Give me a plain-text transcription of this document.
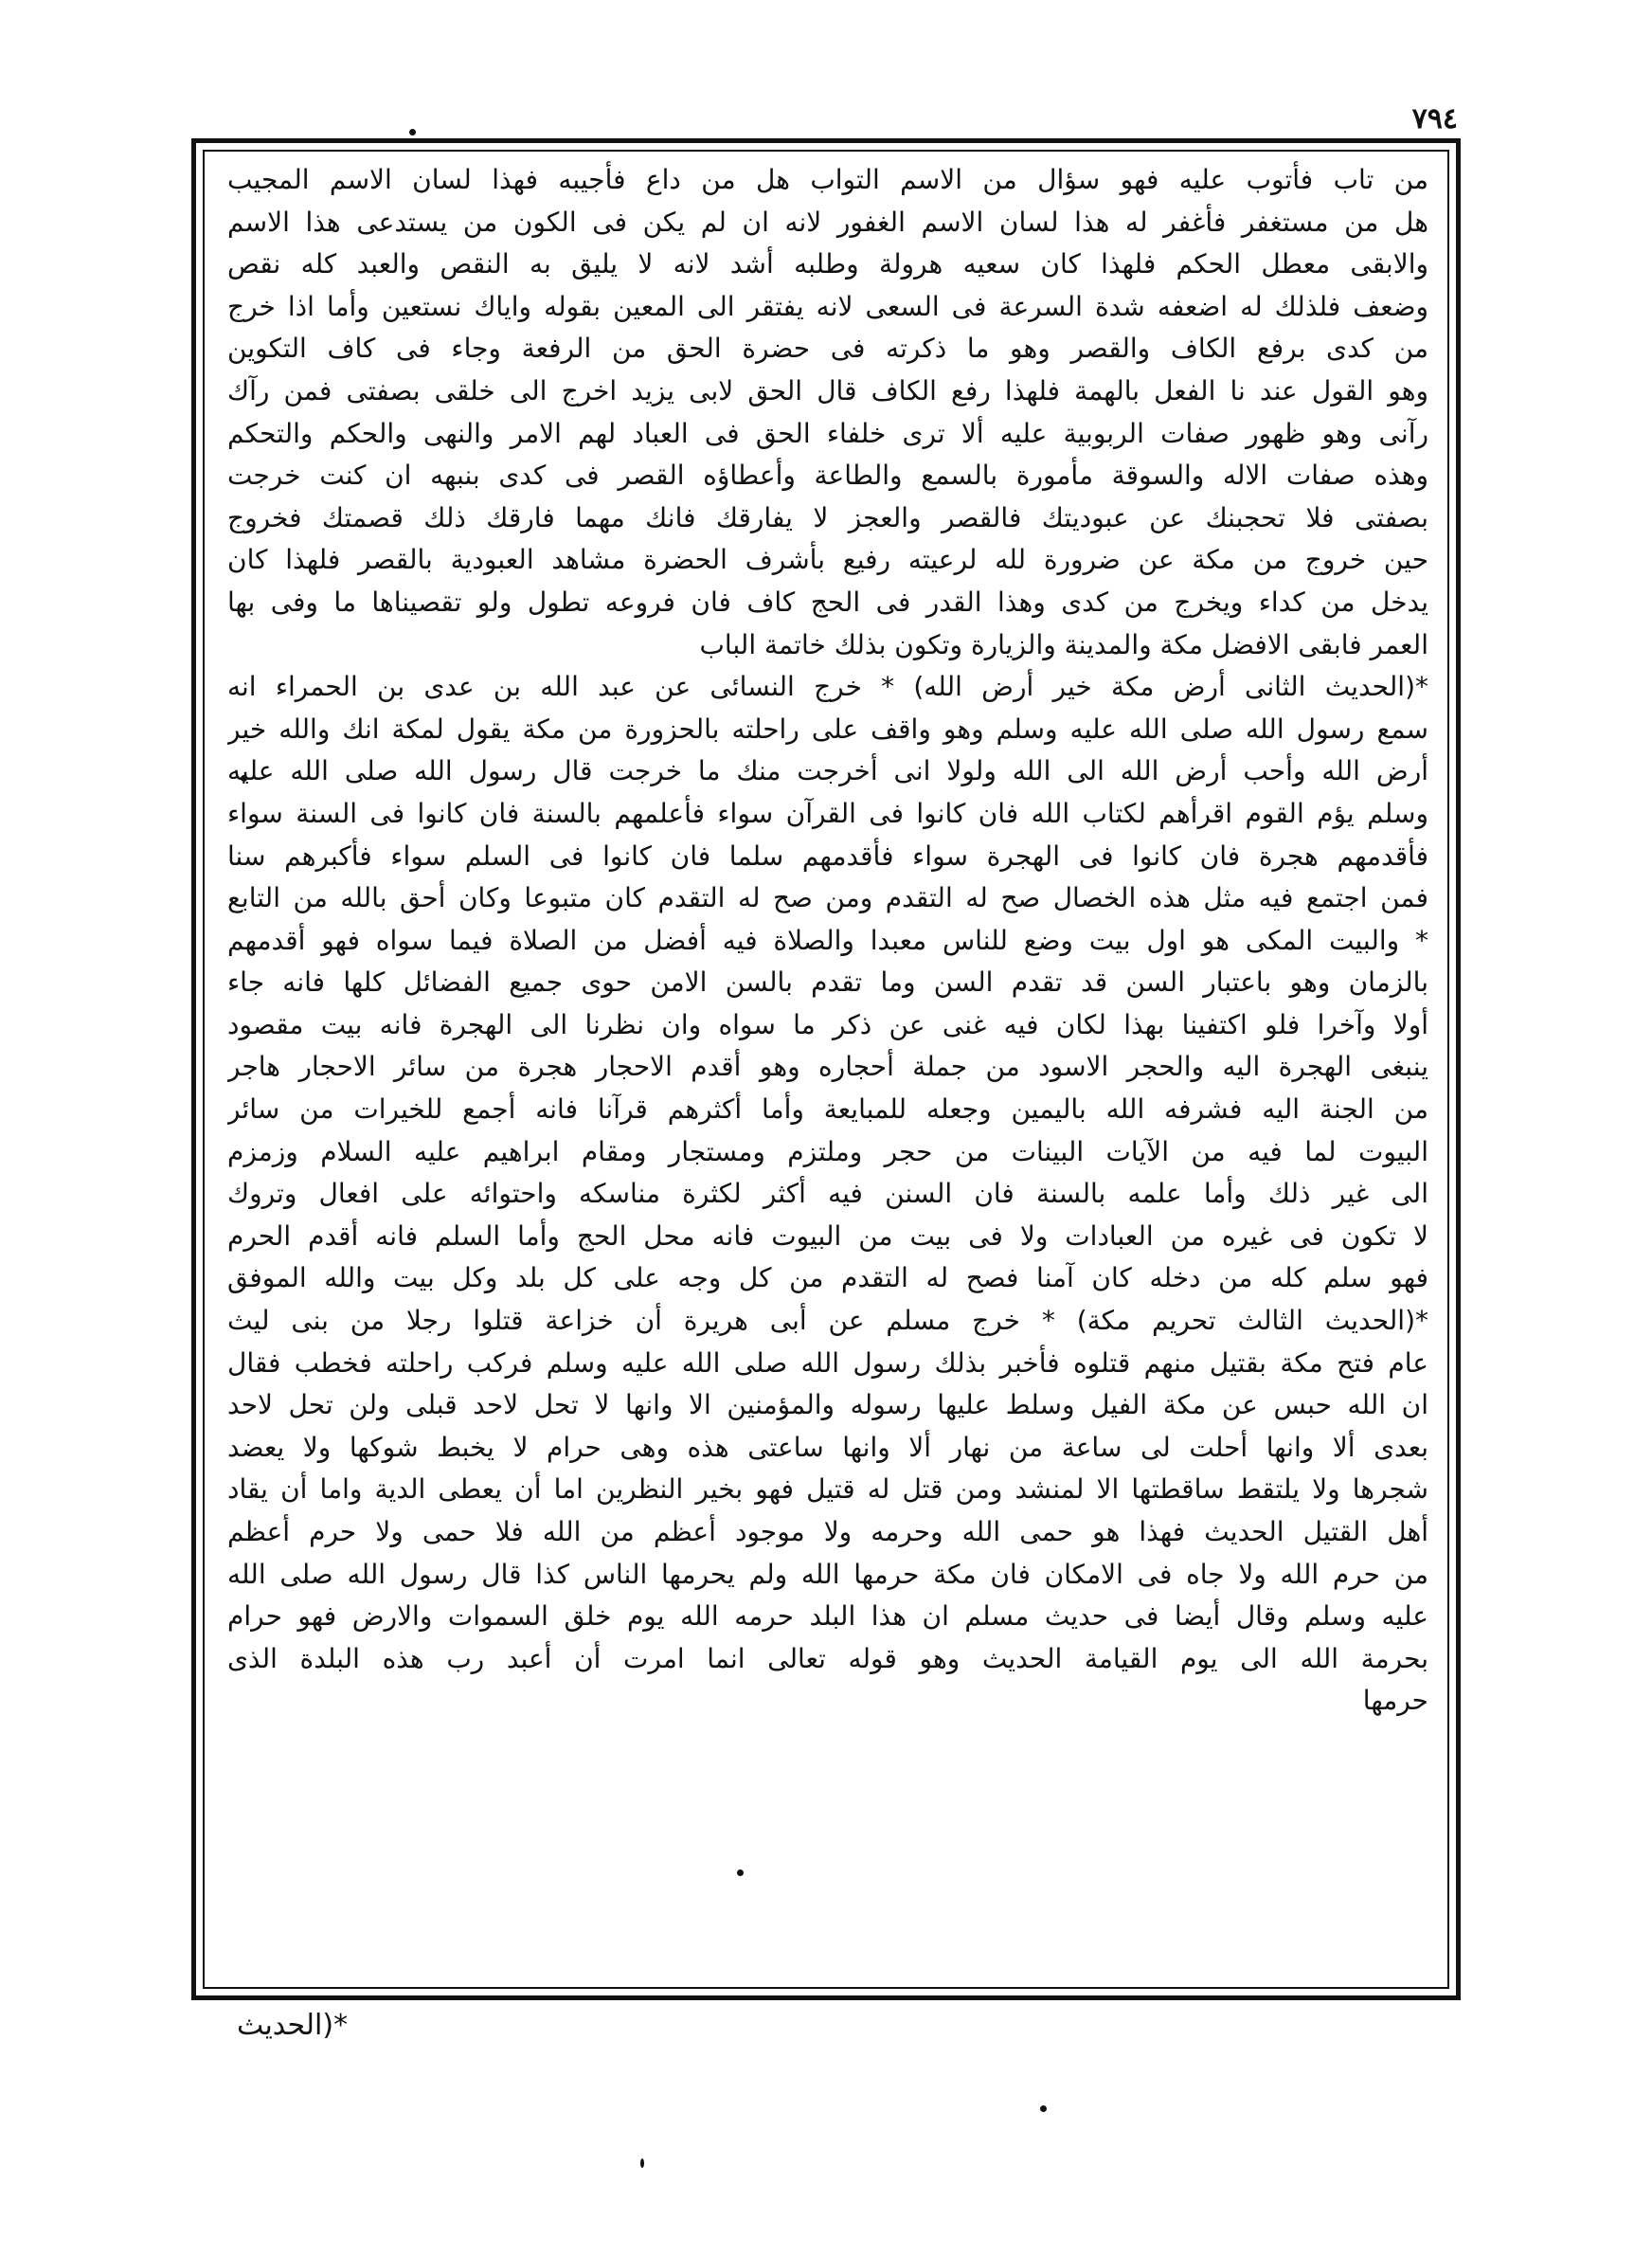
٧٩٤
من تاب فأتوب عليه فهو سؤال من الاسم التواب هل من داع فأجيبه فهذا لسان الاسم المجيب
هل من مستغفر فأغفر له هذا لسان الاسم الغفور لانه ان لم يكن فى الكون من يستدعى هذا الاسم
والابقى معطل الحكم فلهذا كان سعيه هرولة وطلبه أشد لانه لا يليق به النقص والعبد كله نقص
وضعف فلذلك له اضعفه شدة السرعة فى السعى لانه يفتقر الى المعين بقوله واياك نستعين وأما اذا خرج
من كدى برفع الكاف والقصر وهو ما ذكرته فى حضرة الحق من الرفعة وجاء فى كاف التكوين
وهو القول عند نا الفعل بالهمة فلهذا رفع الكاف قال الحق لابى يزيد اخرج الى خلقى بصفتى فمن رآك
رآنى وهو ظهور صفات الربوبية عليه ألا ترى خلفاء الحق فى العباد لهم الامر والنهى والحكم والتحكم
وهذه صفات الاله والسوقة مأمورة بالسمع والطاعة وأعطاؤه القصر فى كدى بنبهه ان كنت خرجت
بصفتى فلا تحجبنك عن عبوديتك فالقصر والعجز لا يفارقك فانك مهما فارقك ذلك قصمتك فخروج
حين خروج من مكة عن ضرورة لله لرعيته رفيع بأشرف الحضرة مشاهد العبودية بالقصر فلهذا كان
يدخل من كداء ويخرج من كدى وهذا القدر فى الحج كاف فان فروعه تطول ولو تقصيناها ما وفى بها
العمر فابقى الافضل مكة والمدينة والزيارة وتكون بذلك خاتمة الباب
*(الحديث الثانى أرض مكة خير أرض الله) * خرج النسائى عن عبد الله بن عدى بن الحمراء انه
سمع رسول الله صلى الله عليه وسلم وهو واقف على راحلته بالحزورة من مكة يقول لمكة انك والله خير
أرض الله وأحب أرض الله الى الله ولولا انى أخرجت منك ما خرجت قال رسول الله صلى الله عليه
وسلم يؤم القوم اقرأهم لكتاب الله فان كانوا فى القرآن سواء فأعلمهم بالسنة فان كانوا فى السنة سواء
فأقدمهم هجرة فان كانوا فى الهجرة سواء فأقدمهم سلما فان كانوا فى السلم سواء فأكبرهم سنا
فمن اجتمع فيه مثل هذه الخصال صح له التقدم ومن صح له التقدم كان متبوعا وكان أحق بالله من التابع
* والبيت المكى هو اول بيت وضع للناس معبدا والصلاة فيه أفضل من الصلاة فيما سواه فهو أقدمهم
بالزمان وهو باعتبار السن قد تقدم السن وما تقدم بالسن الامن حوى جميع الفضائل كلها فانه جاء
أولا وآخرا فلو اكتفينا بهذا لكان فيه غنى عن ذكر ما سواه وان نظرنا الى الهجرة فانه بيت مقصود
ينبغى الهجرة اليه والحجر الاسود من جملة أحجاره وهو أقدم الاحجار هجرة من سائر الاحجار هاجر
من الجنة اليه فشرفه الله باليمين وجعله للمبايعة وأما أكثرهم قرآنا فانه أجمع للخيرات من سائر
البيوت لما فيه من الآيات البينات من حجر وملتزم ومستجار ومقام ابراهيم عليه السلام وزمزم
الى غير ذلك وأما علمه بالسنة فان السنن فيه أكثر لكثرة مناسكه واحتوائه على افعال وتروك
لا تكون فى غيره من العبادات ولا فى بيت من البيوت فانه محل الحج وأما السلم فانه أقدم الحرم
فهو سلم كله من دخله كان آمنا فصح له التقدم من كل وجه على كل بلد وكل بيت والله الموفق
*(الحديث الثالث تحريم مكة) * خرج مسلم عن أبى هريرة أن خزاعة قتلوا رجلا من بنى ليث
عام فتح مكة بقتيل منهم قتلوه فأخبر بذلك رسول الله صلى الله عليه وسلم فركب راحلته فخطب فقال
ان الله حبس عن مكة الفيل وسلط عليها رسوله والمؤمنين الا وانها لا تحل لاحد قبلى ولن تحل لاحد
بعدى ألا وانها أحلت لى ساعة من نهار ألا وانها ساعتى هذه وهى حرام لا يخبط شوكها ولا يعضد
شجرها ولا يلتقط ساقطتها الا لمنشد ومن قتل له قتيل فهو بخير النظرين اما أن يعطى الدية واما أن يقاد
أهل القتيل الحديث فهذا هو حمى الله وحرمه ولا موجود أعظم من الله فلا حمى ولا حرم أعظم
من حرم الله ولا جاه فى الامكان فان مكة حرمها الله ولم يحرمها الناس كذا قال رسول الله صلى الله
عليه وسلم وقال أيضا فى حديث مسلم ان هذا البلد حرمه الله يوم خلق السموات والارض فهو حرام
بحرمة الله الى يوم القيامة الحديث وهو قوله تعالى انما امرت أن أعبد رب هذه البلدة الذى
حرمها
*(الحديث
